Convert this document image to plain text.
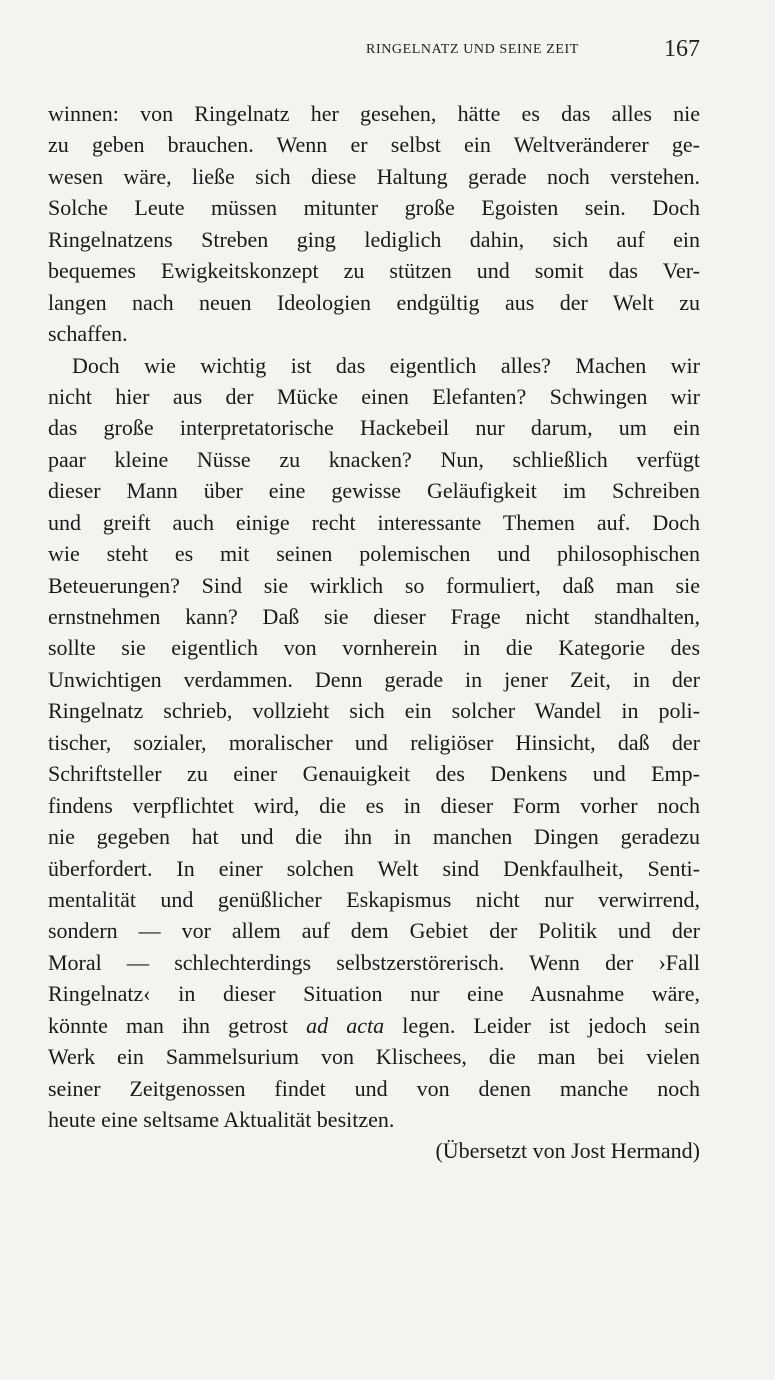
RINGELNATZ UND SEINE ZEIT	167
winnen: von Ringelnatz her gesehen, hätte es das alles nie
zu geben brauchen. Wenn er selbst ein Weltveränderer ge-
wesen wäre, ließe sich diese Haltung gerade noch verstehen.
Solche Leute müssen mitunter große Egoisten sein. Doch
Ringelnatzens Streben ging lediglich dahin, sich auf ein
bequemes Ewigkeitskonzept zu stützen und somit das Ver-
langen nach neuen Ideologien endgültig aus der Welt zu
schaffen.
Doch wie wichtig ist das eigentlich alles? Machen wir
nicht hier aus der Mücke einen Elefanten? Schwingen wir
das große interpretatorische Hackebeil nur darum, um ein
paar kleine Nüsse zu knacken? Nun, schließlich verfügt
dieser Mann über eine gewisse Geläufigkeit im Schreiben
und greift auch einige recht interessante Themen auf. Doch
wie steht es mit seinen polemischen und philosophischen
Beteuerungen? Sind sie wirklich so formuliert, daß man sie
ernstnehmen kann? Daß sie dieser Frage nicht standhalten,
sollte sie eigentlich von vornherein in die Kategorie des
Unwichtigen verdammen. Denn gerade in jener Zeit, in der
Ringelnatz schrieb, vollzieht sich ein solcher Wandel in poli-
tischer, sozialer, moralischer und religiöser Hinsicht, daß der
Schriftsteller zu einer Genauigkeit des Denkens und Emp-
findens verpflichtet wird, die es in dieser Form vorher noch
nie gegeben hat und die ihn in manchen Dingen geradezu
überfordert. In einer solchen Welt sind Denkfaulheit, Senti-
mentalität und genüßlicher Eskapismus nicht nur verwirrend,
sondern — vor allem auf dem Gebiet der Politik und der
Moral — schlechterdings selbstzerstörerisch. Wenn der ›Fall
Ringelnatz‹ in dieser Situation nur eine Ausnahme wäre,
könnte man ihn getrost ad acta legen. Leider ist jedoch sein
Werk ein Sammelsurium von Klischees, die man bei vielen
seiner Zeitgenossen findet und von denen manche noch
heute eine seltsame Aktualität besitzen.
(Übersetzt von Jost Hermand)
